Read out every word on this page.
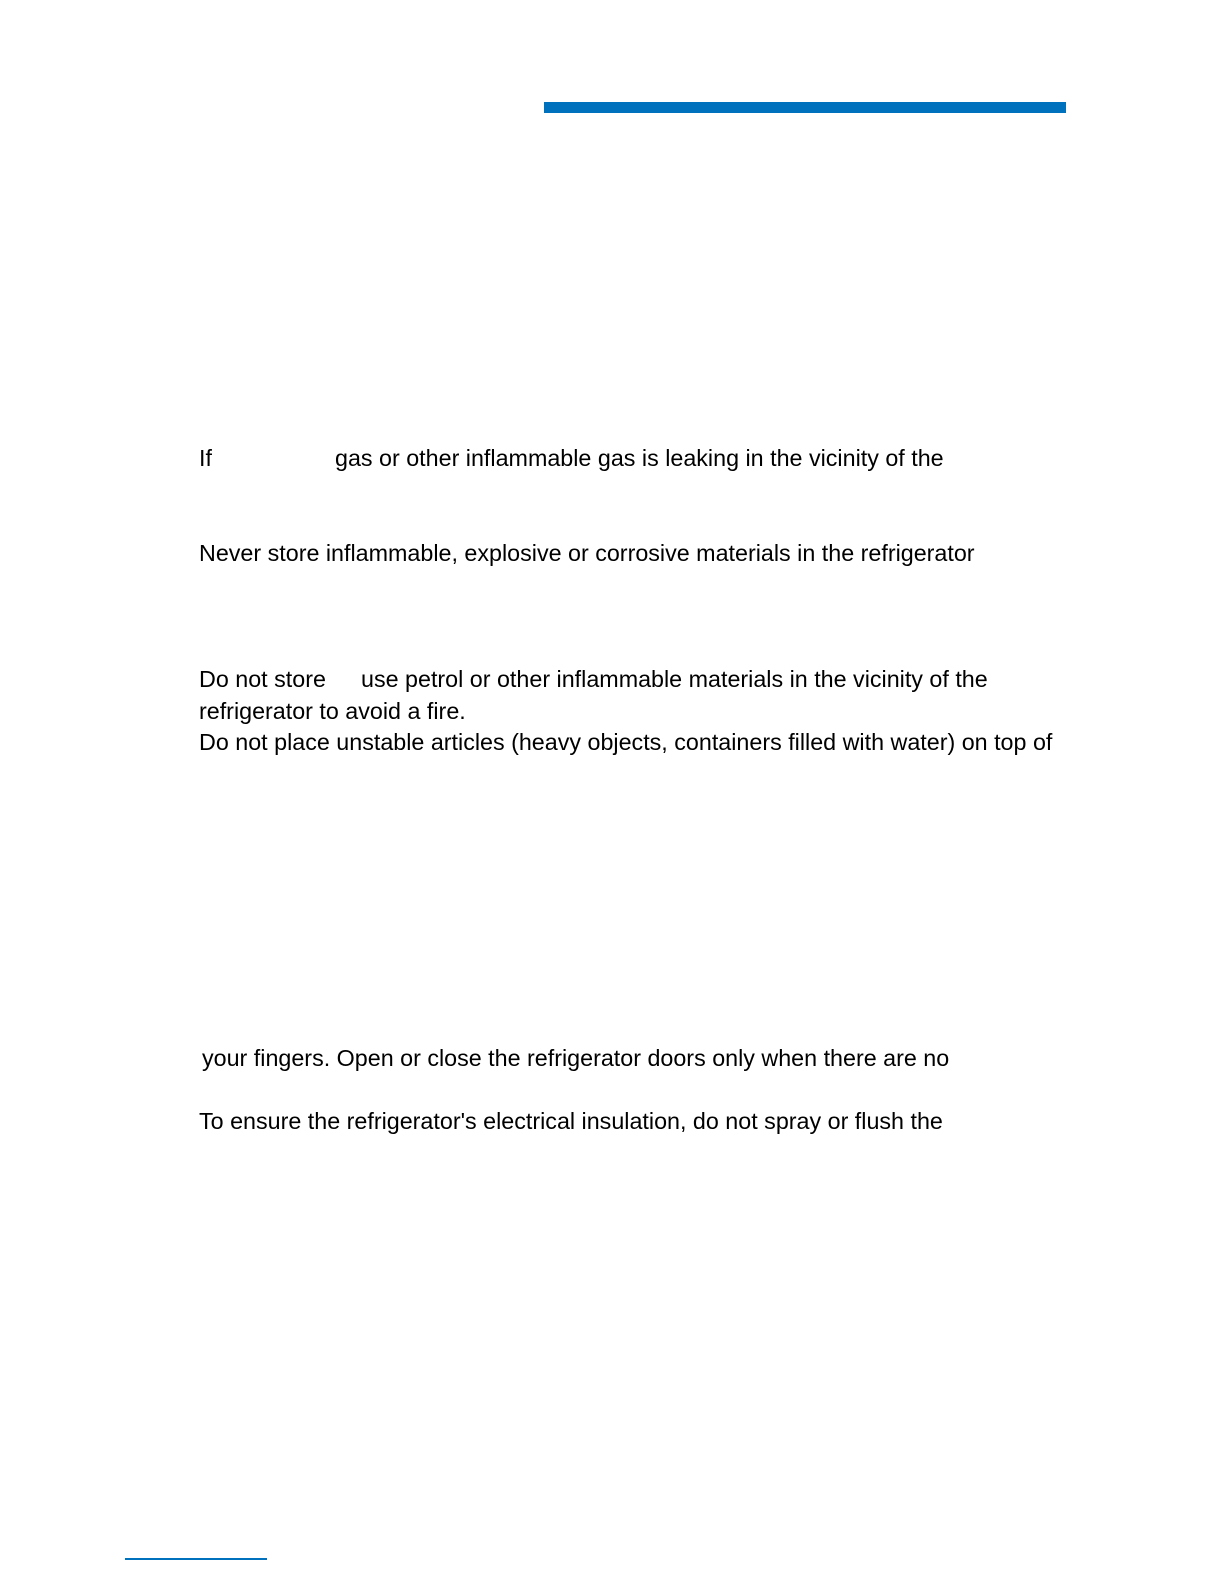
If	gas or other inflammable gas is leaking in the vicinity of the
Never store inflammable, explosive or corrosive materials in the refrigerator
Do not store use petrol or other inflammable materials in the vicinity of the
refrigerator to avoid a fire.
Do not place unstable articles (heavy objects, containers filled with water) on top of
your fingers. Open or close the refrigerator doors only when there are no
To ensure the refrigerator's electrical insulation, do not spray or flush the
